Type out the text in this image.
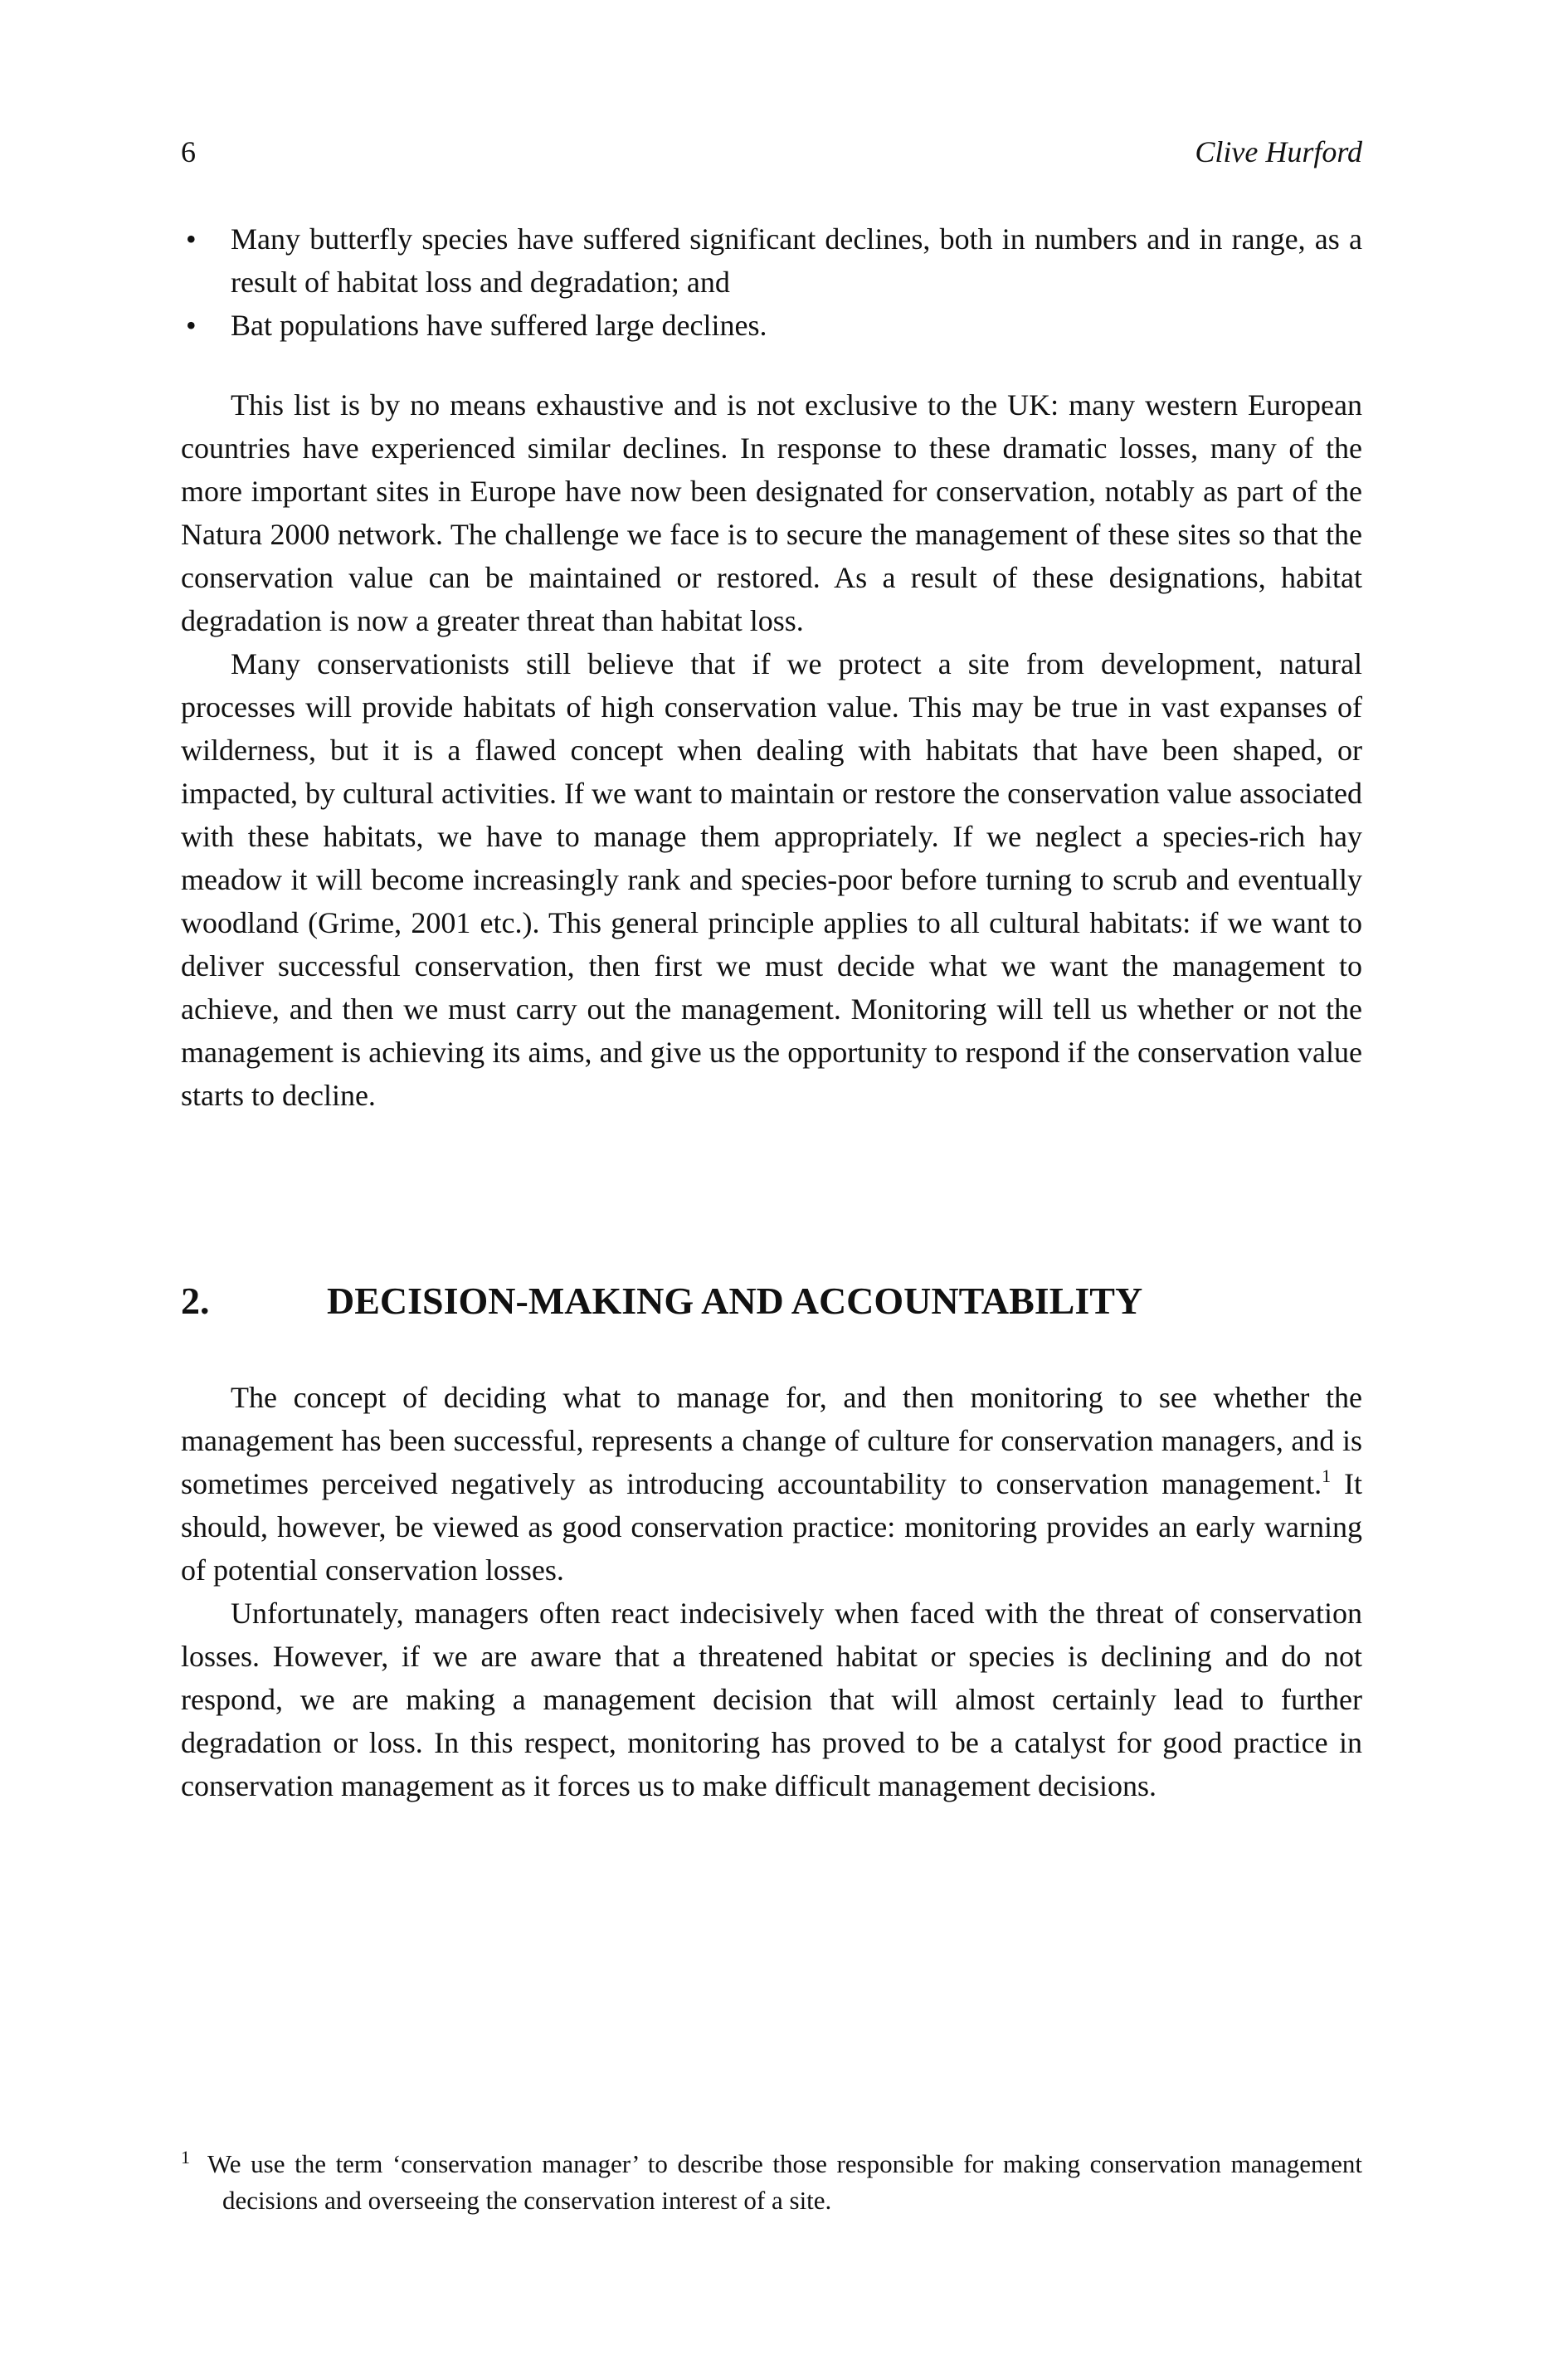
6	Clive Hurford
• Many butterfly species have suffered significant declines, both in numbers and in range, as a result of habitat loss and degradation; and
• Bat populations have suffered large declines.

This list is by no means exhaustive and is not exclusive to the UK: many western European countries have experienced similar declines. In response to these dramatic losses, many of the more important sites in Europe have now been designated for conservation, notably as part of the Natura 2000 network. The challenge we face is to secure the management of these sites so that the conservation value can be maintained or restored. As a result of these designations, habitat degradation is now a greater threat than habitat loss.

Many conservationists still believe that if we protect a site from development, natural processes will provide habitats of high conservation value. This may be true in vast expanses of wilderness, but it is a flawed concept when dealing with habitats that have been shaped, or impacted, by cultural activities. If we want to maintain or restore the conservation value associated with these habitats, we have to manage them appropriately. If we neglect a species-rich hay meadow it will become increasingly rank and species-poor before turning to scrub and eventually woodland (Grime, 2001 etc.). This general principle applies to all cultural habitats: if we want to deliver successful conservation, then first we must decide what we want the management to achieve, and then we must carry out the management. Monitoring will tell us whether or not the management is achieving its aims, and give us the opportunity to respond if the conservation value starts to decline.

2.	DECISION-MAKING AND ACCOUNTABILITY

The concept of deciding what to manage for, and then monitoring to see whether the management has been successful, represents a change of culture for conservation managers, and is sometimes perceived negatively as introducing accountability to conservation management.$^1$ It should, however, be viewed as good conservation practice: monitoring provides an early warning of potential conservation losses.

Unfortunately, managers often react indecisively when faced with the threat of conservation losses. However, if we are aware that a threatened habitat or species is declining and do not respond, we are making a management decision that will almost certainly lead to further degradation or loss. In this respect, monitoring has proved to be a catalyst for good practice in conservation management as it forces us to make difficult management decisions.

1 We use the term ‘conservation manager’ to describe those responsible for making conservation management decisions and overseeing the conservation interest of a site.
